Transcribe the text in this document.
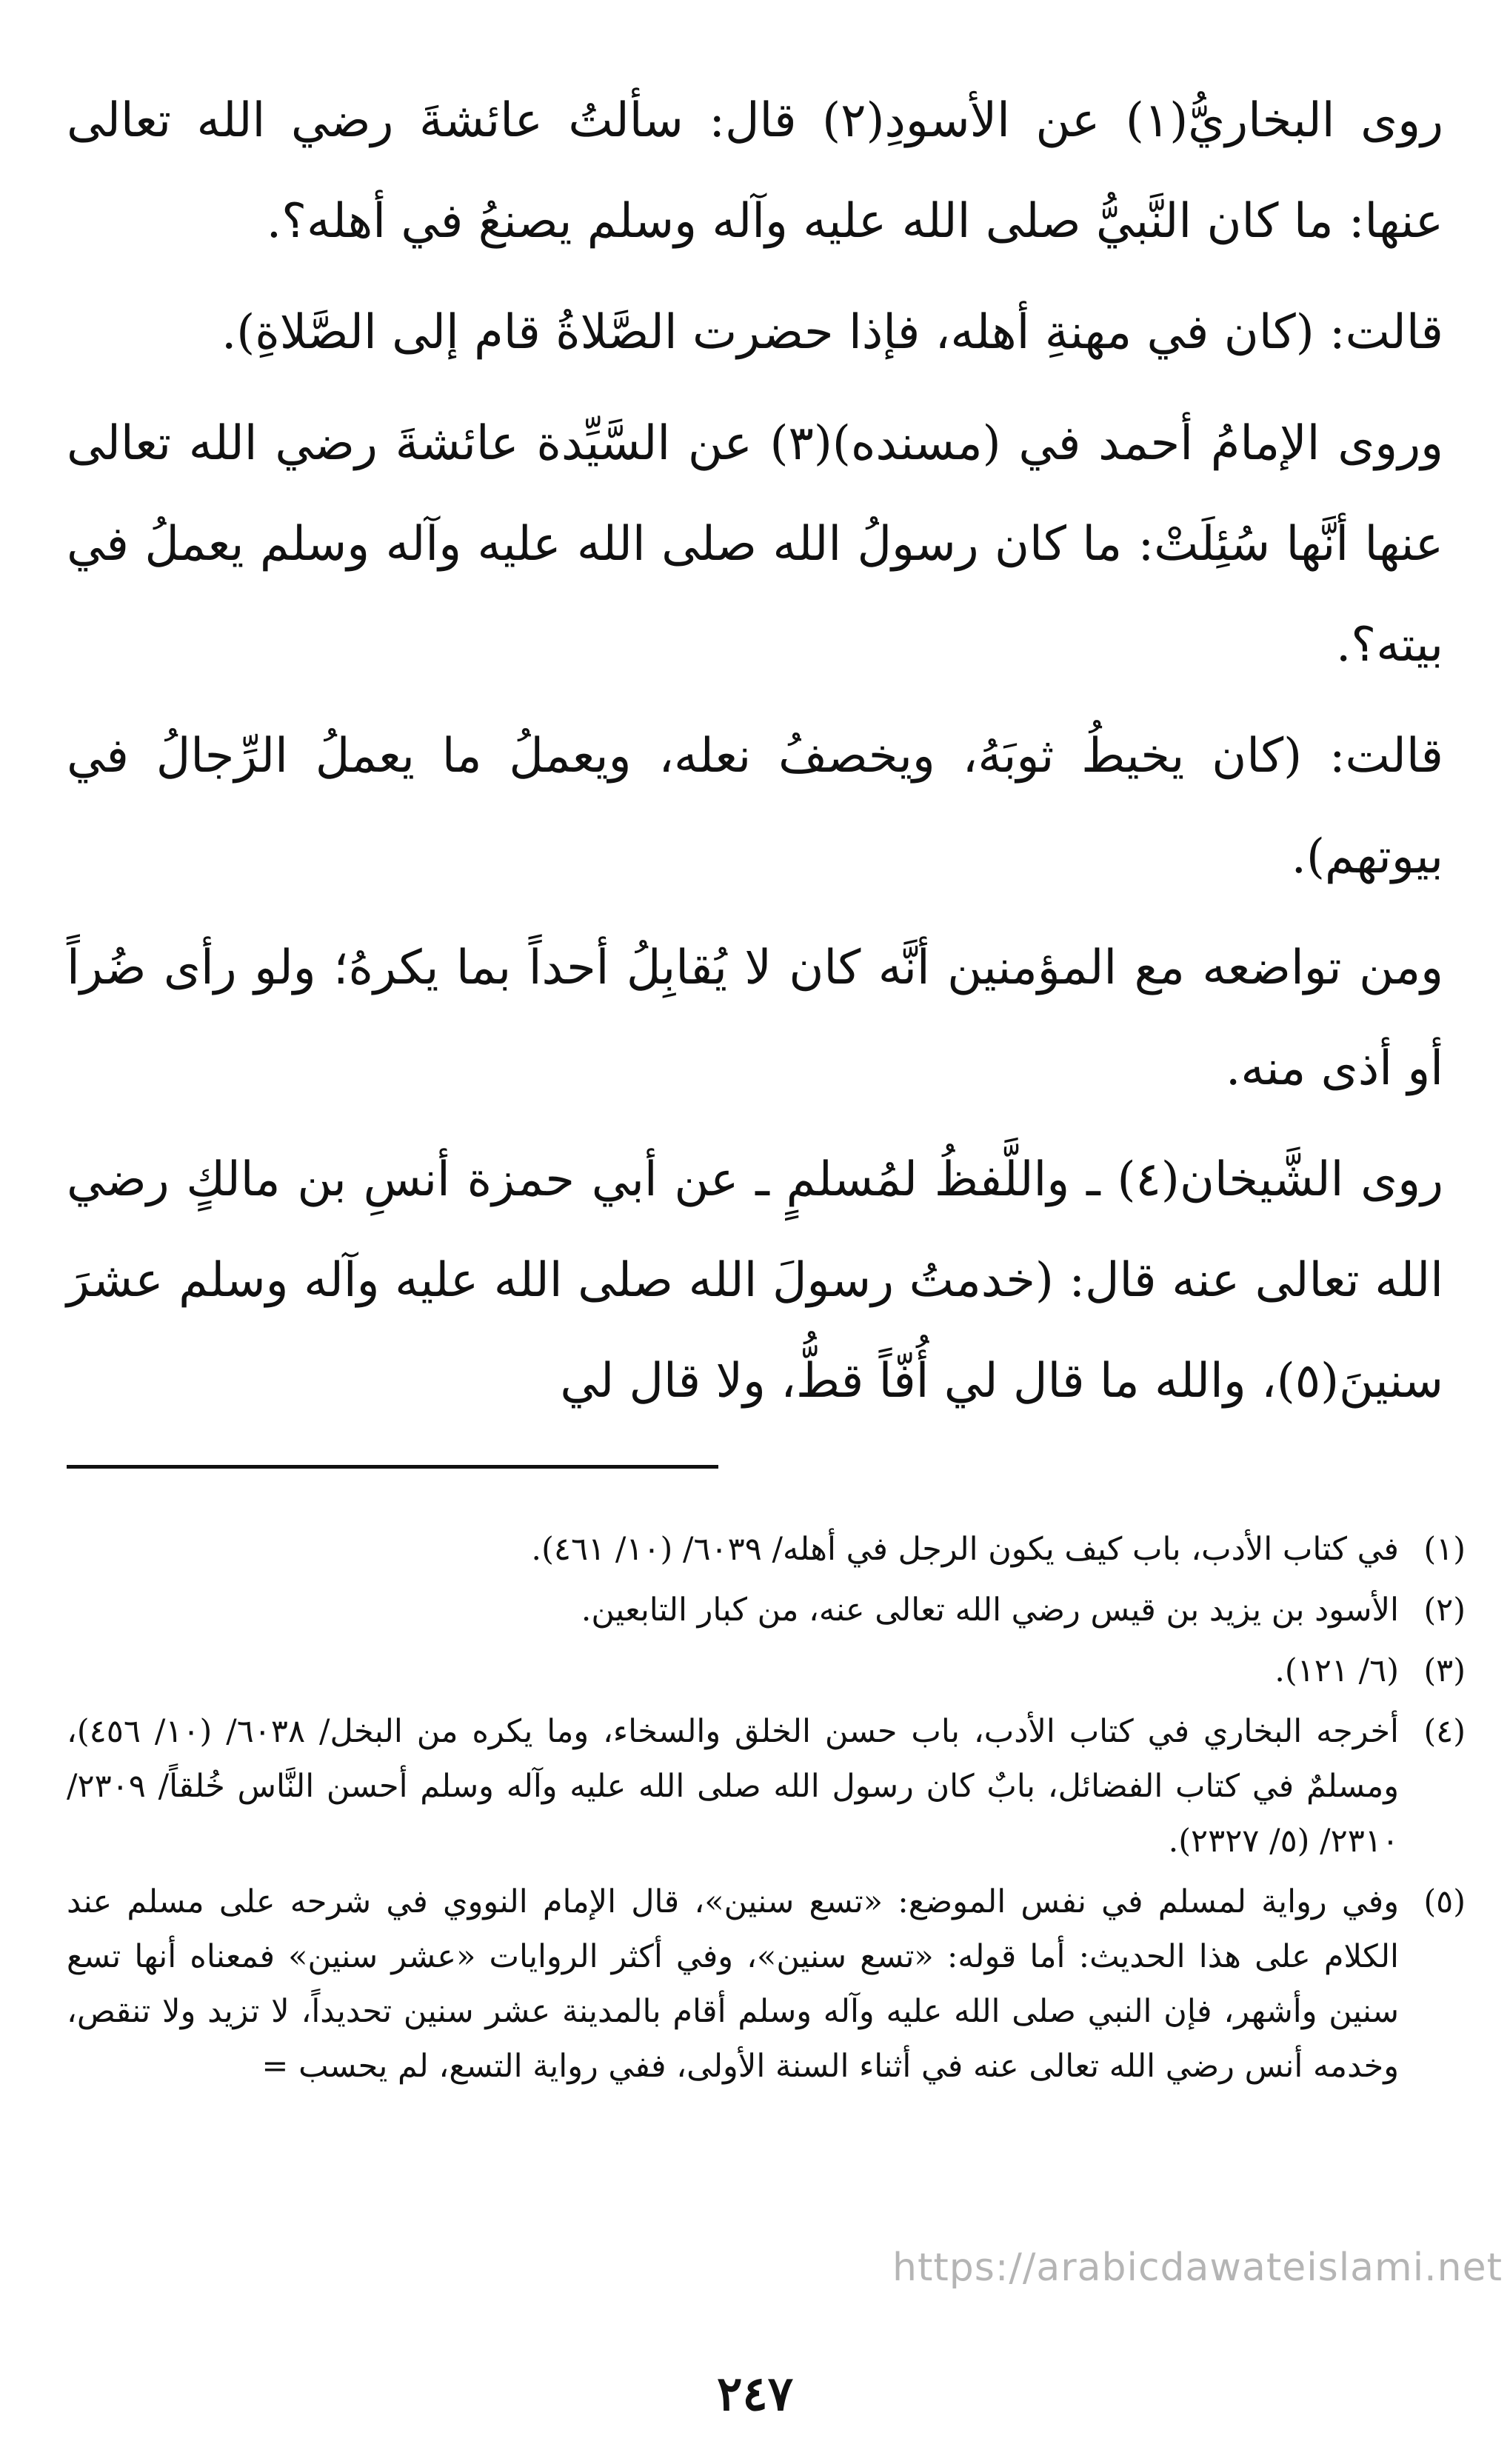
روى البخاريُّ(١) عن الأسودِ(٢) قال: سألتُ عائشةَ رضي الله تعالى عنها: ما كان النَّبيُّ صلى الله عليه وآله وسلم يصنعُ في أهله؟.

قالت: (كان في مهنةِ أهله، فإذا حضرت الصَّلاةُ قام إلى الصَّلاةِ).

وروى الإمامُ أحمد في (مسنده)(٣) عن السَّيِّدة عائشةَ رضي الله تعالى عنها أنَّها سُئِلَتْ: ما كان رسولُ الله صلى الله عليه وآله وسلم يعملُ في بيته؟.

قالت: (كان يخيطُ ثوبَهُ، ويخصفُ نعله، ويعملُ ما يعملُ الرِّجالُ في بيوتهم).

ومن تواضعه مع المؤمنين أنَّه كان لا يُقابِلُ أحداً بما يكرهُ؛ ولو رأى ضُراً أو أذى منه.

روى الشَّيخان(٤) ـ واللَّفظُ لمُسلمٍ ـ عن أبي حمزة أنسِ بن مالكٍ رضي الله تعالى عنه قال: (خدمتُ رسولَ الله صلى الله عليه وآله وسلم عشرَ سنينَ(٥)، والله ما قال لي أُفّاً قطُّ، ولا قال لي

(١)
في كتاب الأدب، باب كيف يكون الرجل في أهله/ ٦٠٣٩/ (١٠/ ٤٦١).
(٢)
الأسود بن يزيد بن قيس رضي الله تعالى عنه، من كبار التابعين.
(٣)
(٦/ ١٢١).
(٤)
أخرجه البخاري في كتاب الأدب، باب حسن الخلق والسخاء، وما يكره من البخل/ ٦٠٣٨/ (١٠/ ٤٥٦)، ومسلمٌ في كتاب الفضائل، بابٌ كان رسول الله صلى الله عليه وآله وسلم أحسن النَّاس خُلقاً/ ٢٣٠٩/ ٢٣١٠/ (٥/ ٢٣٢٧).
(٥)
وفي رواية لمسلم في نفس الموضع: «تسع سنين»، قال الإمام النووي في شرحه على مسلم عند الكلام على هذا الحديث: أما قوله: «تسع سنين»، وفي أكثر الروايات «عشر سنين» فمعناه أنها تسع سنين وأشهر، فإن النبي صلى الله عليه وآله وسلم أقام بالمدينة عشر سنين تحديداً، لا تزيد ولا تنقص، وخدمه أنس رضي الله تعالى عنه في أثناء السنة الأولى، ففي رواية التسع، لم يحسب =
https://arabicdawateislami.net
٢٤٧
